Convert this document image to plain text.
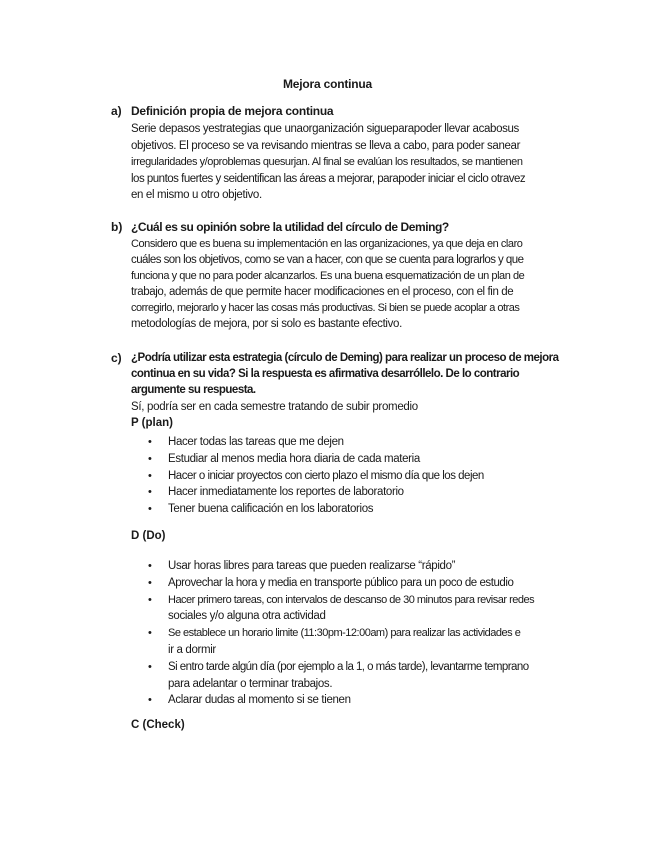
Mejora continua
a) Definición propia de mejora continua

Serie depasos yestrategias que unaorganización sigueparapoder llevar acabosus

objetivos. El proceso se va revisando mientras se lleva a cabo, para poder sanear

irregularidades y/oproblemas quesurjan. Al final se evalúan los resultados, se mantienen

los puntos fuertes y seidentifican las áreas a mejorar, parapoder iniciar el ciclo otravez

en el mismo u otro objetivo.

b) ¿Cuál es su opinión sobre la utilidad del círculo de Deming?

Considero que es buena su implementación en las organizaciones, ya que deja en claro

cuáles son los objetivos, como se van a hacer, con que se cuenta para lograrlos y que

funciona y que no para poder alcanzarlos. Es una buena esquematización de un plan de

trabajo, además de que permite hacer modificaciones en el proceso, con el fin de

corregirlo, mejorarlo y hacer las cosas más productivas. Si bien se puede acoplar a otras

metodologías de mejora, por si solo es bastante efectivo.

c) ¿Podría utilizar esta estrategia (círculo de Deming) para realizar un proceso de mejora
continua en su vida? Si la respuesta es afirmativa desarróllelo. De lo contrario
argumente su respuesta.
Sí, podría ser en cada semestre tratando de subir promedio
P (plan)
• Hacer todas las tareas que me dejen
• Estudiar al menos media hora diaria de cada materia
• Hacer o iniciar proyectos con cierto plazo el mismo día que los dejen
• Hacer inmediatamente los reportes de laboratorio
• Tener buena calificación en los laboratorios
D (Do)
• Usar horas libres para tareas que pueden realizarse “rápido”
• Aprovechar la hora y media en transporte público para un poco de estudio
• Hacer primero tareas, con intervalos de descanso de 30 minutos para revisar redes
sociales y/o alguna otra actividad
• Se establece un horario limite (11:30pm-12:00am) para realizar las actividades e
ir a dormir
• Si entro tarde algún día (por ejemplo a la 1, o más tarde), levantarme temprano
para adelantar o terminar trabajos.
• Aclarar dudas al momento si se tienen
C (Check)
